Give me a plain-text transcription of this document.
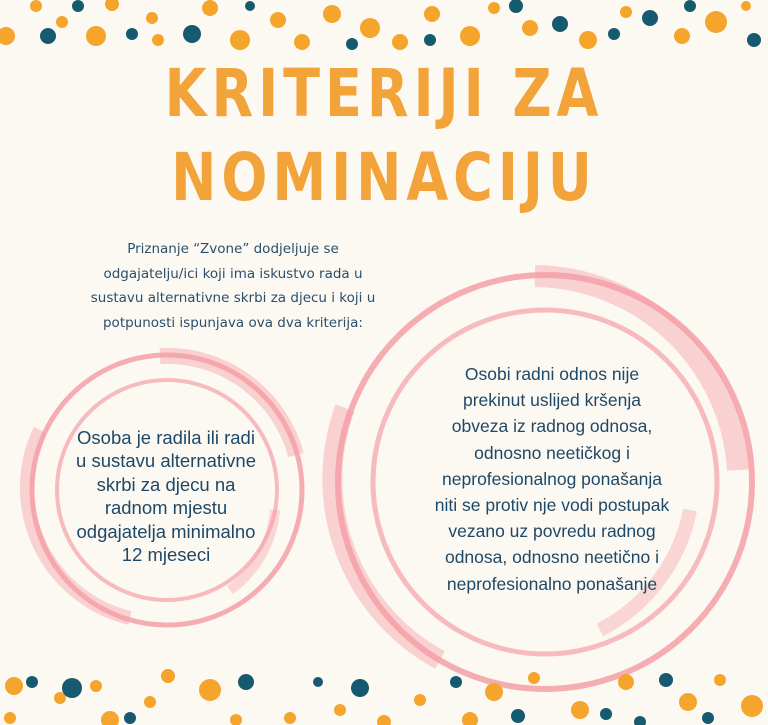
KRITERIJI ZA
NOMINACIJU
Priznanje “Zvone” dodjeljuje se
odgajatelju/ici koji ima iskustvo rada u
sustavu alternativne skrbi za djecu i koji u
potpunosti ispunjava ova dva kriterija:
Osoba je radila ili radi
u sustavu alternativne
skrbi za djecu na
radnom mjestu
odgajatelja minimalno
12 mjeseci
Osobi radni odnos nije
prekinut uslijed kršenja
obveza iz radnog odnosa,
odnosno neetičkog i
neprofesionalnog ponašanja
niti se protiv nje vodi postupak
vezano uz povredu radnog
odnosa, odnosno neetično i
neprofesionalno ponašanje
